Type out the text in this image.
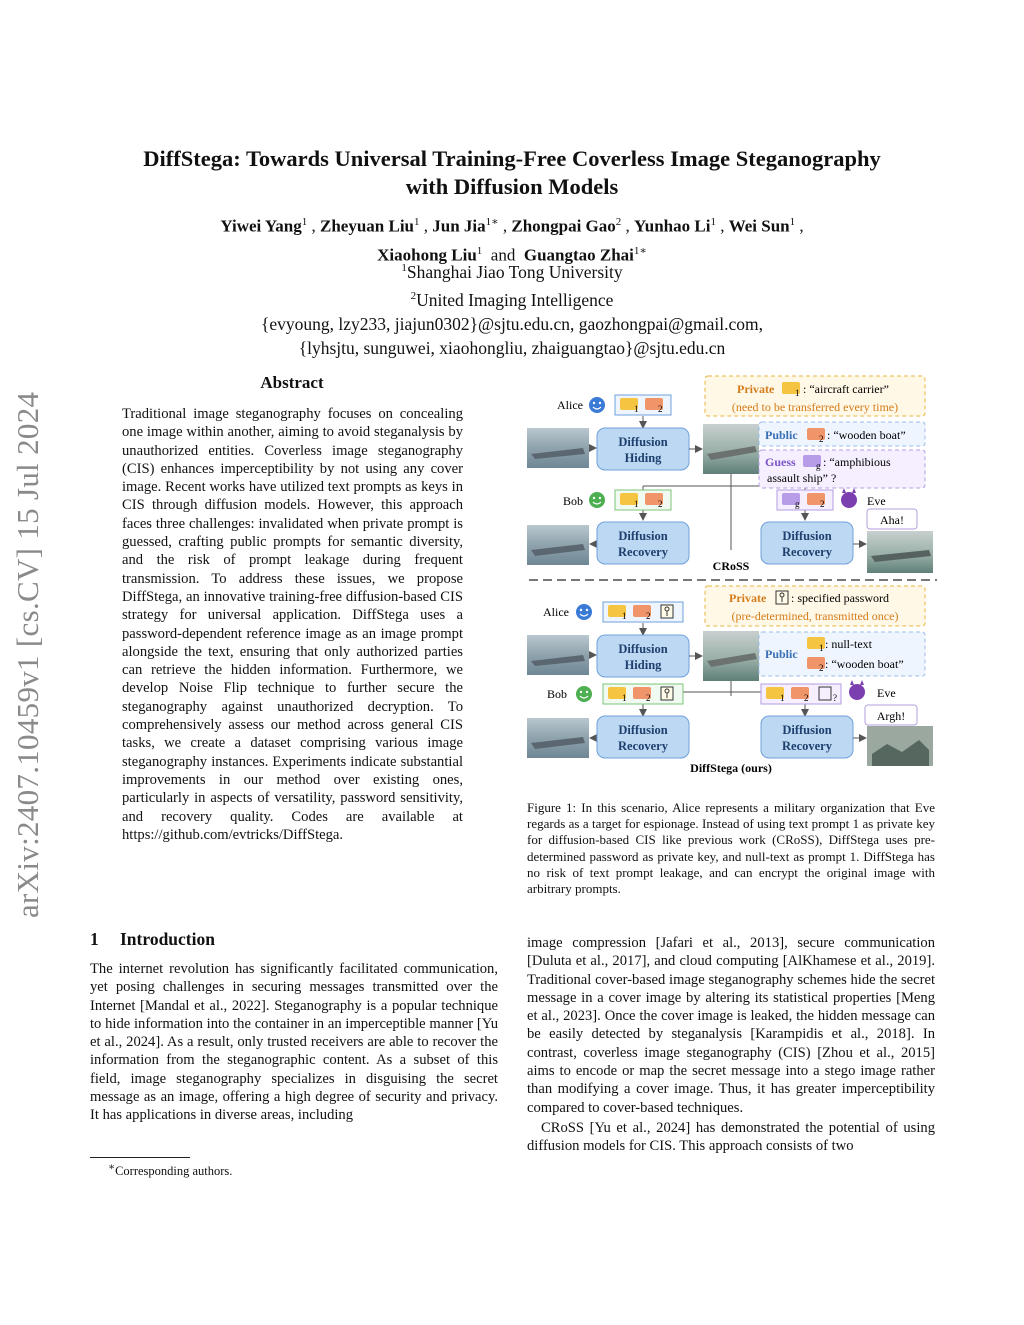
arXiv:2407.10459v1 [cs.CV] 15 Jul 2024
DiffStega: Towards Universal Training-Free Coverless Image Steganography
with Diffusion Models
Yiwei Yang$^1$ , Zheyuan Liu$^1$ , Jun Jia$^{1∗}$ , Zhongpai Gao$^2$ , Yunhao Li$^1$ , Wei Sun$^1$ ,
Xiaohong Liu$^1$ and Guangtao Zhai$^{1∗}$
$^1$Shanghai Jiao Tong University
$^2$United Imaging Intelligence
{evyoung, lzy233, jiajun0302}@sjtu.edu.cn, gaozhongpai@gmail.com,
{lyhsjtu, sunguwei, xiaohongliu, zhaiguangtao}@sjtu.edu.cn
Abstract
Traditional image steganography focuses on concealing one image within another, aiming to avoid steganalysis by unauthorized entities. Coverless image steganography (CIS) enhances imperceptibility by not using any cover image. Recent works have utilized text prompts as keys in CIS through diffusion models. However, this approach faces three challenges: invalidated when private prompt is guessed, crafting public prompts for semantic diversity, and the risk of prompt leakage during frequent transmission. To address these issues, we propose DiffStega, an innovative training-free diffusion-based CIS strategy for universal application. DiffStega uses a password-dependent reference image as an image prompt alongside the text, ensuring that only authorized parties can retrieve the hidden information. Furthermore, we develop Noise Flip technique to further secure the steganography against unauthorized decryption. To comprehensively assess our method across general CIS tasks, we create a dataset comprising various image steganography instances. Experiments indicate substantial improvements in our method over existing ones, particularly in aspects of versatility, password sensitivity, and recovery quality. Codes are available at https://github.com/evtricks/DiffStega.
Alice	1 2
Diffusion
Hiding
Private 1 : “aircraft carrier”
(need to be transferred every time)
Public 2 : “wooden boat”
Guess g : “amphibious
assault ship” ?
Bob	1 2	g 2	Eve
Aha!
Diffusion
Recovery
Diffusion
Recovery
CRoSS
Alice	1 2
Diffusion
Hiding
Private : specified password
(pre-determined, transmitted once)
Public 1 : null-text
2 : “wooden boat”
Bob	1 2	1 2	?	Eve
Argh!
Diffusion
Recovery
Diffusion
Recovery
DiffStega (ours)
Figure 1: In this scenario, Alice represents a military organization that Eve regards as a target for espionage. Instead of using text prompt 1 as private key for diffusion-based CIS like previous work (CRoSS), DiffStega uses pre-determined password as private key, and null-text as prompt 1. DiffStega has no risk of text prompt leakage, and can encrypt the original image with arbitrary prompts.
1 Introduction
The internet revolution has significantly facilitated communication, yet posing challenges in securing messages transmitted over the Internet [Mandal et al., 2022]. Steganography is a popular technique to hide information into the container in an imperceptible manner [Yu et al., 2024]. As a result, only trusted receivers are able to recover the information from the steganographic content. As a subset of this field, image steganography specializes in disguising the secret message as an image, offering a high degree of security and privacy. It has applications in diverse areas, including
image compression [Jafari et al., 2013], secure communication [Duluta et al., 2017], and cloud computing [AlKhamese et al., 2019]. Traditional cover-based image steganography schemes hide the secret message in a cover image by altering its statistical properties [Meng et al., 2023]. Once the cover image is leaked, the hidden message can be easily detected by steganalysis [Karampidis et al., 2018]. In contrast, coverless image steganography (CIS) [Zhou et al., 2015] aims to encode or map the secret message into a stego image rather than modifying a cover image. Thus, it has greater imperceptibility compared to cover-based techniques.
CRoSS [Yu et al., 2024] has demonstrated the potential of using diffusion models for CIS. This approach consists of two
∗Corresponding authors.
